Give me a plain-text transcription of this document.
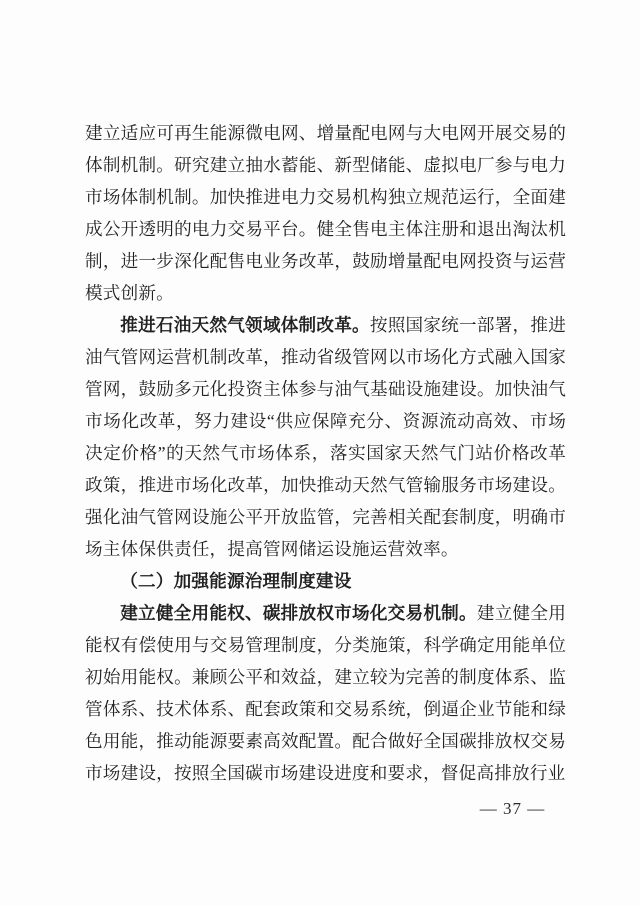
建立适应可再生能源微电网、增量配电网与大电网开展交易的体制机制。研究建立抽水蓄能、新型储能、虚拟电厂参与电力市场体制机制。加快推进电力交易机构独立规范运行，全面建成公开透明的电力交易平台。健全售电主体注册和退出淘汰机制，进一步深化配售电业务改革，鼓励增量配电网投资与运营模式创新。

推进石油天然气领域体制改革。按照国家统一部署，推进油气管网运营机制改革，推动省级管网以市场化方式融入国家管网，鼓励多元化投资主体参与油气基础设施建设。加快油气市场化改革，努力建设“供应保障充分、资源流动高效、市场决定价格”的天然气市场体系，落实国家天然气门站价格改革政策，推进市场化改革，加快推动天然气管输服务市场建设。强化油气管网设施公平开放监管，完善相关配套制度，明确市场主体保供责任，提高管网储运设施运营效率。

（二）加强能源治理制度建设

建立健全用能权、碳排放权市场化交易机制。建立健全用能权有偿使用与交易管理制度，分类施策，科学确定用能单位初始用能权。兼顾公平和效益，建立较为完善的制度体系、监管体系、技术体系、配套政策和交易系统，倒逼企业节能和绿色用能，推动能源要素高效配置。配合做好全国碳排放权交易市场建设，按照全国碳市场建设进度和要求，督促高排放行业

— 37 —
